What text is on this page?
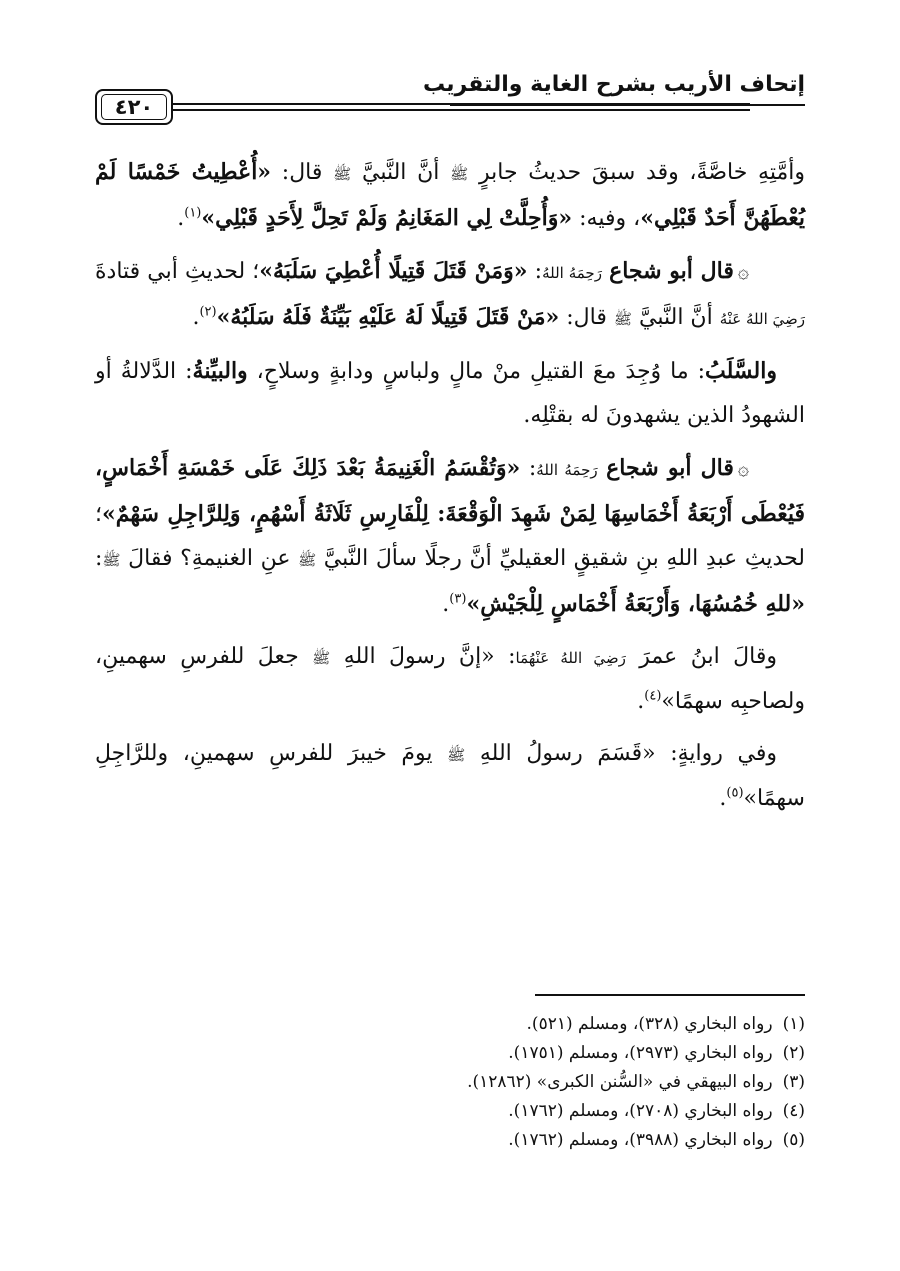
إتحاف الأريب بشرح الغاية والتقريب
٤٢٠

وأمَّتِهِ خاصَّةً، وقد سبقَ حديثُ جابرٍ ﷺ أنَّ النَّبيَّ ﷺ قال: «أُعْطِيتُ خَمْسًا لَمْ يُعْطَهُنَّ أَحَدٌ قَبْلِي»، وفيه: «وَأُحِلَّتْ لِي المَغَانِمُ وَلَمْ تَحِلَّ لِأَحَدٍ قَبْلِي»$^{(١)}$.

۞قال أبو شجاع رَحِمَهُ اللهُ: «وَمَنْ قَتَلَ قَتِيلًا أُعْطِيَ سَلَبَهُ»؛ لحديثِ أبي قتادةَ رَضِيَ اللهُ عَنْهُ أنَّ النَّبيَّ ﷺ قال: «مَنْ قَتَلَ قَتِيلًا لَهُ عَلَيْهِ بَيِّنَةٌ فَلَهُ سَلَبُهُ»$^{(٢)}$.

والسَّلَبُ: ما وُجِدَ معَ القتيلِ منْ مالٍ ولباسٍ ودابةٍ وسلاحٍ، والبيِّنةُ: الدَّلالةُ أو الشهودُ الذين يشهدونَ له بقتْلِه.

۞قال أبو شجاع رَحِمَهُ اللهُ: «وَتُقْسَمُ الْغَنِيمَةُ بَعْدَ ذَلِكَ عَلَى خَمْسَةِ أَخْمَاسٍ، فَيُعْطَى أَرْبَعَةُ أَخْمَاسِهَا لِمَنْ شَهِدَ الْوَقْعَةَ: لِلْفَارِسِ ثَلَاثَةُ أَسْهُمٍ، وَلِلرَّاجِلِ سَهْمٌ»؛ لحديثِ عبدِ اللهِ بنِ شقيقٍ العقيليِّ أنَّ رجلًا سألَ النَّبيَّ ﷺ عنِ الغنيمةِ؟ فقالَ ﷺ: «للهِ خُمُسُهَا، وَأَرْبَعَةُ أَخْمَاسٍ لِلْجَيْشِ»$^{(٣)}$.

وقالَ ابنُ عمرَ رَضِيَ اللهُ عَنْهُمَا: «إنَّ رسولَ اللهِ ﷺ جعلَ للفرسِ سهمينِ، ولصاحبِه سهمًا»$^{(٤)}$.

وفي روايةٍ: «قَسَمَ رسولُ اللهِ ﷺ يومَ خيبرَ للفرسِ سهمينِ، وللرَّاجِلِ سهمًا»$^{(٥)}$.

(١)
رواه البخاري (٣٢٨)، ومسلم (٥٢١).
(٢)
رواه البخاري (٢٩٧٣)، ومسلم (١٧٥١).
(٣)
رواه البيهقي في «السُّنن الكبرى» (١٢٨٦٢).
(٤)
رواه البخاري (٢٧٠٨)، ومسلم (١٧٦٢).
(٥)
رواه البخاري (٣٩٨٨)، ومسلم (١٧٦٢).
